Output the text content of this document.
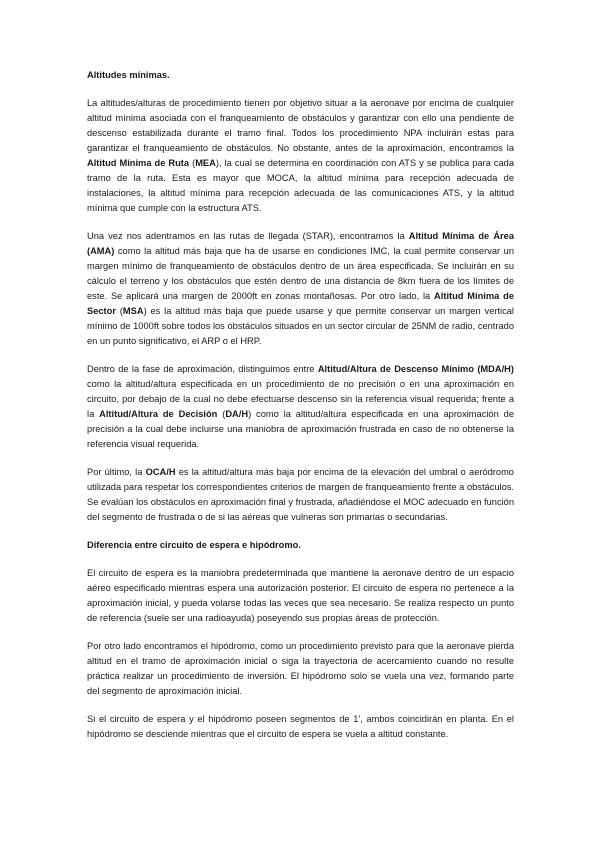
Altitudes mínimas.

La altitudes/alturas de procedimiento tienen por objetivo situar a la aeronave por encima de cualquier altitud mínima asociada con el franqueamiento de obstáculos y garantizar con ello una pendiente de descenso estabilizada durante el tramo final. Todos los procedimiento NPA incluirán estas para garantizar el franqueamiento de obstáculos. No obstante, antes de la aproximación, encontramos la Altitud Mínima de Ruta (MEA), la cual se determina en coordinación con ATS y se publica para cada tramo de la ruta. Esta es mayor que MOCA, la altitud mínima para recepción adecuada de instalaciones, la altitud mínima para recepción adecuada de las comunicaciones ATS, y la altitud mínima que cumple con la estructura ATS.

Una vez nos adentramos en las rutas de llegada (STAR), encontramos la Altitud Mínima de Área (AMA) como la altitud más baja que ha de usarse en condiciones IMC, la cual permite conservar un margen mínimo de franqueamiento de obstáculos dentro de un área especificada. Se incluirán en su cálculo el terreno y los obstáculos que estén dentro de una distancia de 8km fuera de los límites de este. Se aplicará una margen de 2000ft en zonas montañosas. Por otro lado, la Altitud Mínima de Sector (MSA) es la altitud más baja que puede usarse y que permite conservar un margen vertical mínimo de 1000ft sobre todos los obstáculos situados en un sector circular de 25NM de radio, centrado en un punto significativo, el ARP o el HRP.

Dentro de la fase de aproximación, distinguimos entre Altitud/Altura de Descenso Mínimo (MDA/H) como la altitud/altura especificada en un procedimiento de no precisión o en una aproximación en circuito, por debajo de la cual no debe efectuarse descenso sin la referencia visual requerida; frente a la Altitud/Altura de Decisión (DA/H) como la altitud/altura especificada en una aproximación de precisión a la cual debe incluirse una maniobra de aproximación frustrada en caso de no obtenerse la referencia visual requerida.

Por último, la OCA/H es la altitud/altura más baja por encima de la elevación del umbral o aeródromo utilizada para respetar los correspondientes criterios de margen de franqueamiento frente a obstáculos. Se evalúan los obstáculos en aproximación final y frustrada, añadiéndose el MOC adecuado en función del segmento de frustrada o de si las aéreas que vulneras son primarias o secundarias.

Diferencia entre circuito de espera e hipódromo.

El circuito de espera es la maniobra predeterminada que mantiene la aeronave dentro de un espacio aéreo especificado mientras espera una autorización posterior. El circuito de espera no pertenece a la aproximación inicial, y pueda volarse todas las veces que sea necesario. Se realiza respecto un punto de referencia (suele ser una radioayuda) poseyendo sus propias áreas de protección.

Por otro lado encontramos el hipódromo, como un procedimiento previsto para que la aeronave pierda altitud en el tramo de aproximación inicial o siga la trayectoria de acercamiento cuando no resulte práctica realizar un procedimiento de inversión. El hipódromo solo se vuela una vez, formando parte del segmento de aproximación inicial.

Si el circuito de espera y el hipódromo poseen segmentos de 1', ambos coincidirán en planta. En el hipódromo se desciende mientras que el circuito de espera se vuela a altitud constante.
